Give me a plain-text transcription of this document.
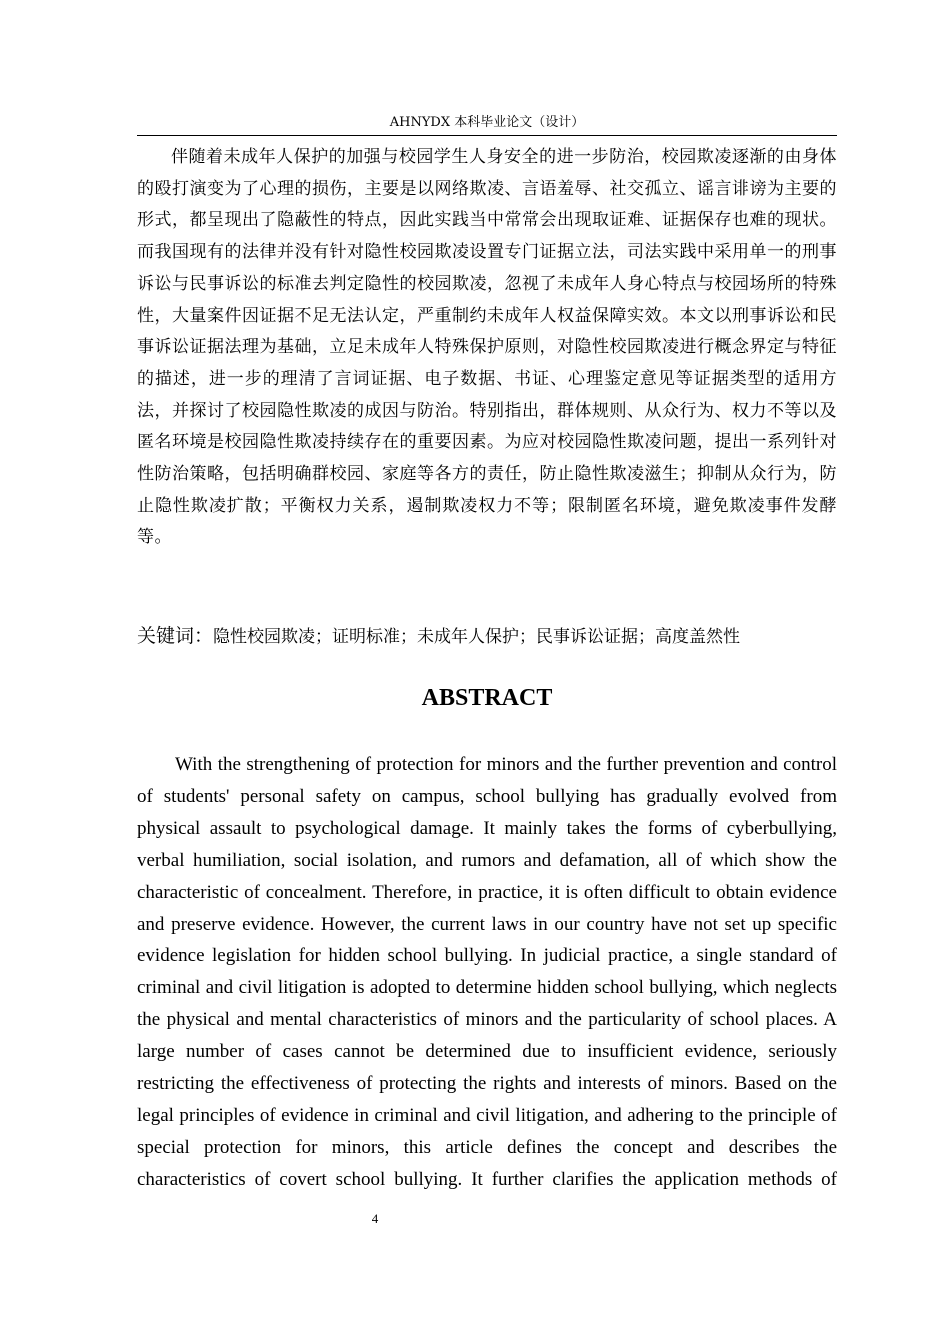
AHNYDX 本科毕业论文（设计）

伴随着未成年人保护的加强与校园学生人身安全的进一步防治，校园欺凌逐渐的由身体的殴打演变为了心理的损伤，主要是以网络欺凌、言语羞辱、社交孤立、谣言诽谤为主要的形式，都呈现出了隐蔽性的特点，因此实践当中常常会出现取证难、证据保存也难的现状。而我国现有的法律并没有针对隐性校园欺凌设置专门证据立法，司法实践中采用单一的刑事诉讼与民事诉讼的标准去判定隐性的校园欺凌，忽视了未成年人身心特点与校园场所的特殊性，大量案件因证据不足无法认定，严重制约未成年人权益保障实效。本文以刑事诉讼和民事诉讼证据法理为基础，立足未成年人特殊保护原则，对隐性校园欺凌进行概念界定与特征的描述，进一步的理清了言词证据、电子数据、书证、心理鉴定意见等证据类型的适用方法，并探讨了校园隐性欺凌的成因与防治。特别指出，群体规则、从众行为、权力不等以及匿名环境是校园隐性欺凌持续存在的重要因素。为应对校园隐性欺凌问题，提出一系列针对性防治策略，包括明确群校园、家庭等各方的责任，防止隐性欺凌滋生；抑制从众行为，防止隐性欺凌扩散；平衡权力关系，遏制欺凌权力不等；限制匿名环境，避免欺凌事件发酵等。

关键词：隐性校园欺凌；证明标准；未成年人保护；民事诉讼证据；高度盖然性
ABSTRACT

With the strengthening of protection for minors and the further prevention and control of students' personal safety on campus, school bullying has gradually evolved from physical assault to psychological damage. It mainly takes the forms of cyberbullying, verbal humiliation, social isolation, and rumors and defamation, all of which show the characteristic of concealment. Therefore, in practice, it is often difficult to obtain evidence and preserve evidence. However, the current laws in our country have not set up specific evidence legislation for hidden school bullying. In judicial practice, a single standard of criminal and civil litigation is adopted to determine hidden school bullying, which neglects the physical and mental characteristics of minors and the particularity of school places. A large number of cases cannot be determined due to insufficient evidence, seriously restricting the effectiveness of protecting the rights and interests of minors. Based on the legal principles of evidence in criminal and civil litigation, and adhering to the principle of special protection for minors, this article defines the concept and describes the characteristics of covert school bullying. It further clarifies the application methods of

4
